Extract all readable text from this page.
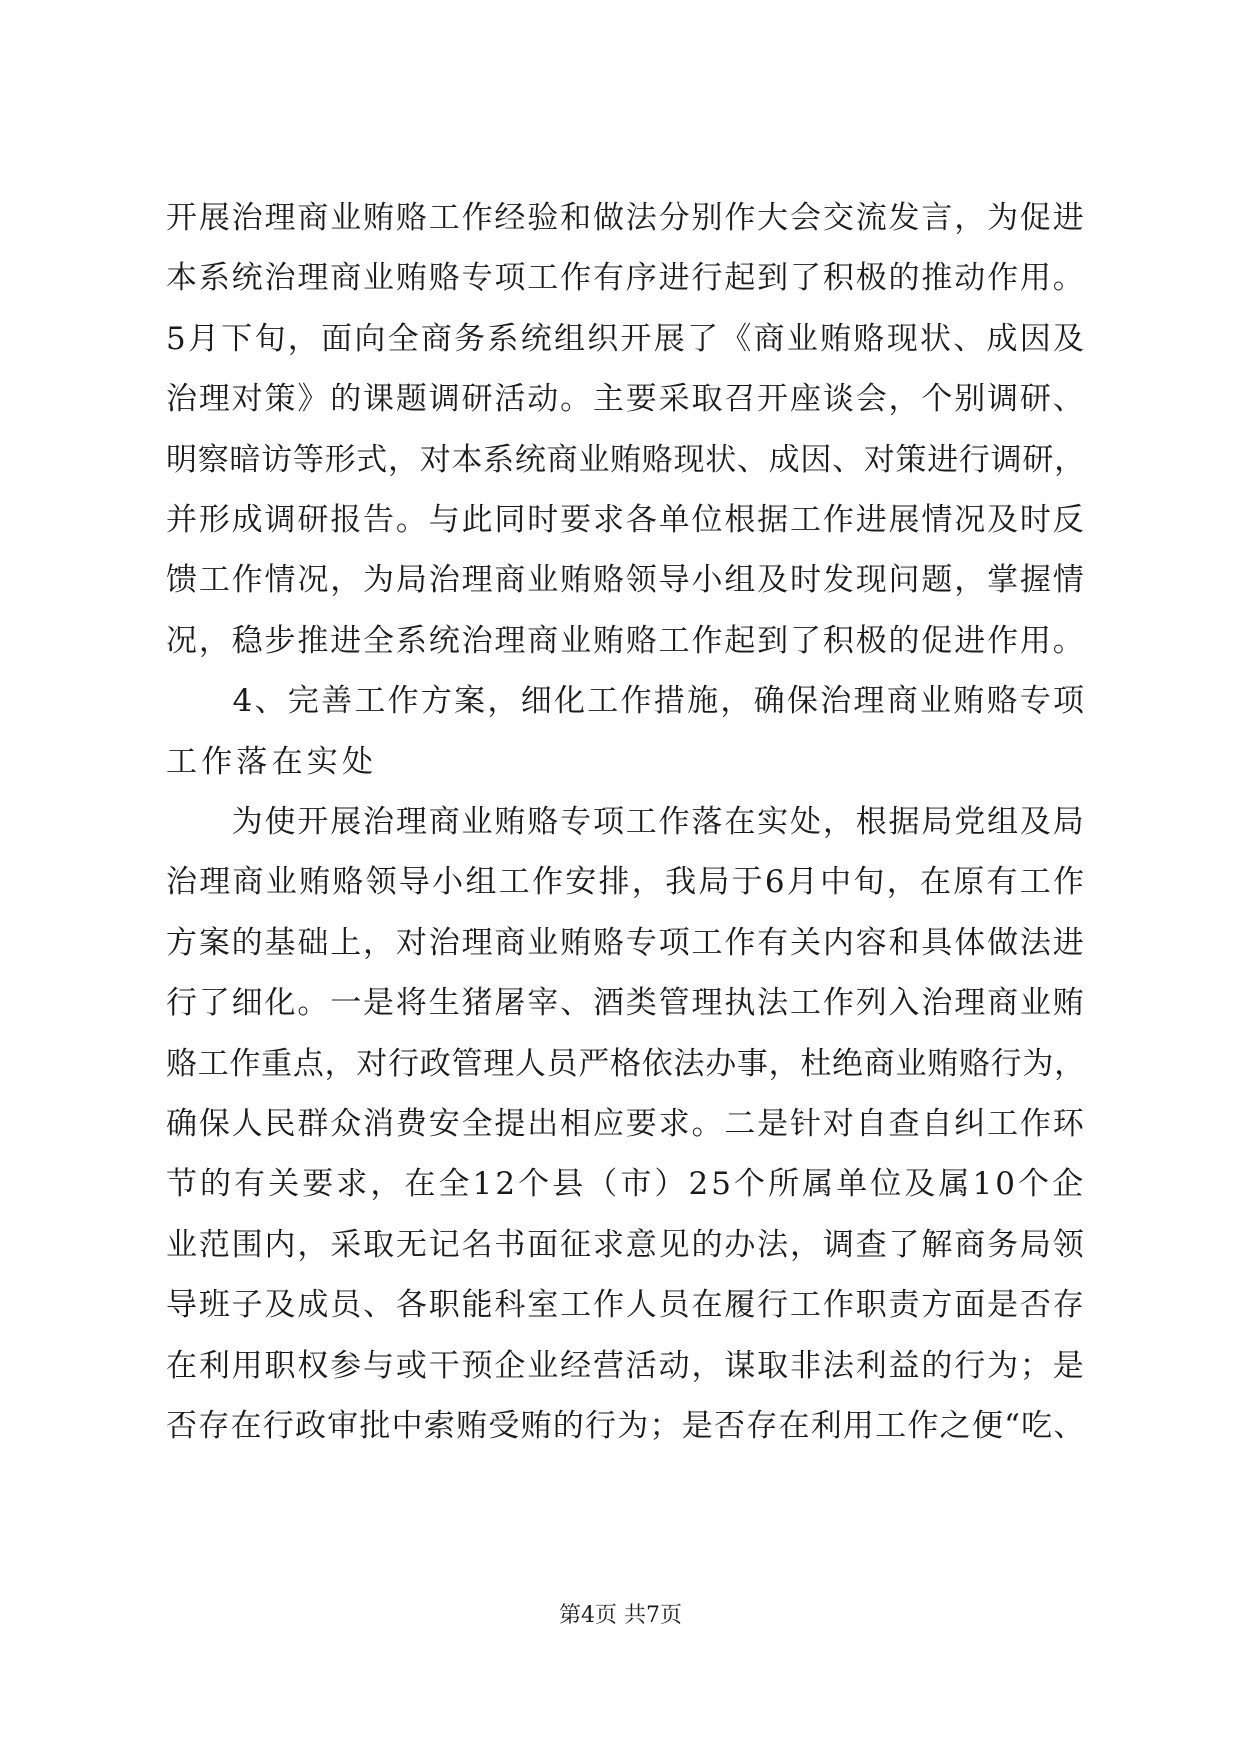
开展治理商业贿赂工作经验和做法分别作大会交流发言，为促进
本系统治理商业贿赂专项工作有序进行起到了积极的推动作用。
5月下旬，面向全商务系统组织开展了《商业贿赂现状、成因及
治理对策》的课题调研活动。主要采取召开座谈会，个别调研、
明察暗访等形式，对本系统商业贿赂现状、成因、对策进行调研，
并形成调研报告。与此同时要求各单位根据工作进展情况及时反
馈工作情况，为局治理商业贿赂领导小组及时发现问题，掌握情
况，稳步推进全系统治理商业贿赂工作起到了积极的促进作用。
　　4、完善工作方案，细化工作措施，确保治理商业贿赂专项
工作落在实处
　　为使开展治理商业贿赂专项工作落在实处，根据局党组及局
治理商业贿赂领导小组工作安排，我局于6月中旬，在原有工作
方案的基础上，对治理商业贿赂专项工作有关内容和具体做法进
行了细化。一是将生猪屠宰、酒类管理执法工作列入治理商业贿
赂工作重点，对行政管理人员严格依法办事，杜绝商业贿赂行为，
确保人民群众消费安全提出相应要求。二是针对自查自纠工作环
节的有关要求，在全12个县（市）25个所属单位及属10个企
业范围内，采取无记名书面征求意见的办法，调查了解商务局领
导班子及成员、各职能科室工作人员在履行工作职责方面是否存
在利用职权参与或干预企业经营活动，谋取非法利益的行为；是
否存在行政审批中索贿受贿的行为；是否存在利用工作之便“吃、
第4页 共7页
